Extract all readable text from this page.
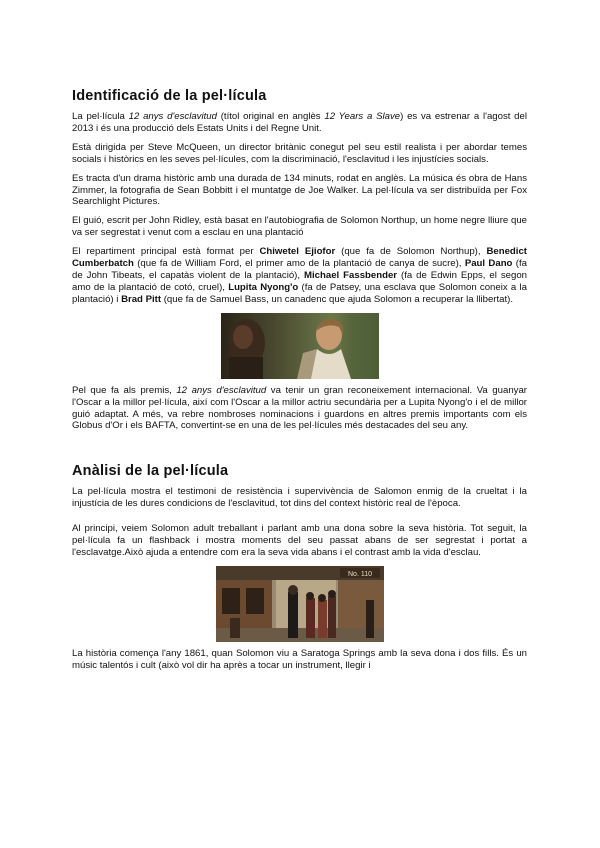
Identificació de la pel·lícula

La pel·lícula 12 anys d'esclavitud (títol original en anglès 12 Years a Slave) es va estrenar a l'agost del 2013 i és una producció dels Estats Units i del Regne Unit.

Està dirigida per Steve McQueen, un director britànic conegut pel seu estil realista i per abordar temes socials i històrics en les seves pel·lícules, com la discriminació, l'esclavitud i les injustícies socials.

Es tracta d'un drama històric amb una durada de 134 minuts, rodat en anglès. La música és obra de Hans Zimmer, la fotografia de Sean Bobbitt i el muntatge de Joe Walker. La pel·lícula va ser distribuïda per Fox Searchlight Pictures.

El guió, escrit per John Ridley, està basat en l'autobiografia de Solomon Northup, un home negre lliure que va ser segrestat i venut com a esclau en una plantació

El repartiment principal està format per Chiwetel Ejiofor (que fa de Solomon Northup), Benedict Cumberbatch (que fa de William Ford, el primer amo de la plantació de canya de sucre), Paul Dano (fa de John Tibeats, el capatàs violent de la plantació), Michael Fassbender (fa de Edwin Epps, el segon amo de la plantació de cotó, cruel), Lupita Nyong'o (fa de Patsey, una esclava que Solomon coneix a la plantació) i Brad Pitt (que fa de Samuel Bass, un canadenc que ajuda Solomon a recuperar la llibertat).

Pel que fa als premis, 12 anys d'esclavitud va tenir un gran reconeixement internacional. Va guanyar l'Oscar a la millor pel·lícula, així com l'Oscar a la millor actriu secundària per a Lupita Nyong'o i el de millor guió adaptat. A més, va rebre nombroses nominacions i guardons en altres premis importants com els Globus d'Or i els BAFTA, convertint-se en una de les pel·lícules més destacades del seu any.

Anàlisi de la pel·lícula

La pel·lícula mostra el testimoni de resistència i supervivència de Salomon enmig de la crueltat i la injustícia de les dures condicions de l'esclavitud, tot dins del context històric real de l'època.

Al principi, veiem Solomon adult treballant i parlant amb una dona sobre la seva història. Tot seguit, la pel·lícula fa un flashback i mostra moments del seu passat abans de ser segrestat i portat a l'esclavatge.Això ajuda a entendre com era la seva vida abans i el contrast amb la vida d'esclau.

No. 110

La història comença l'any 1861, quan Solomon viu a Saratoga Springs amb la seva dona i dos fills. És un músic talentós i cult (això vol dir ha après a tocar un instrument, llegir i
